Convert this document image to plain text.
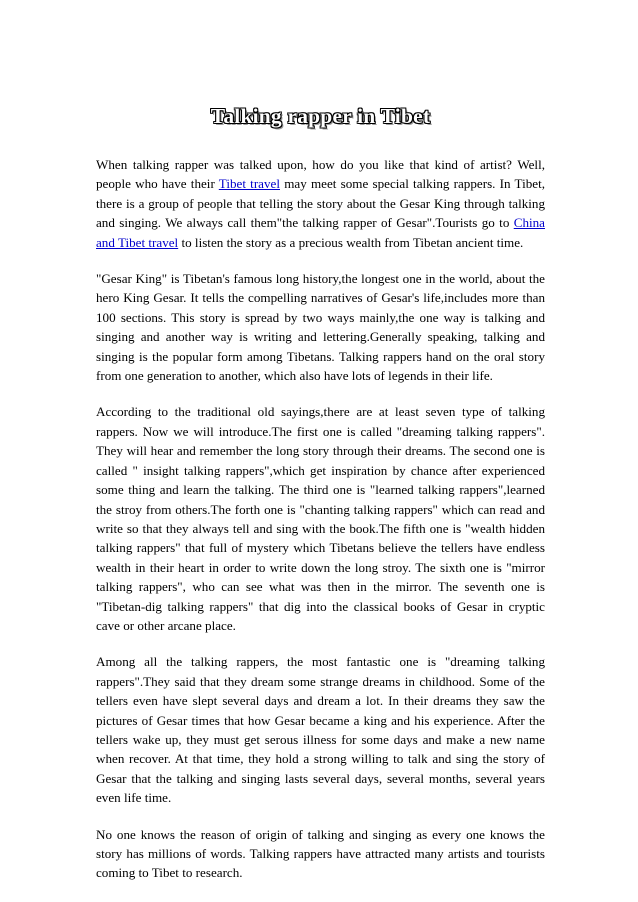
Talking rapper in Tibet

When talking rapper was talked upon, how do you like that kind of artist? Well, people who have their Tibet travel may meet some special talking rappers. In Tibet, there is a group of people that telling the story about the Gesar King through talking and singing. We always call them"the talking rapper of Gesar".Tourists go to China and Tibet travel to listen the story as a precious wealth from Tibetan ancient time.

"Gesar King" is Tibetan's famous long history,the longest one in the world, about the hero King Gesar. It tells the compelling narratives of Gesar's life,includes more than 100 sections. This story is spread by two ways mainly,the one way is talking and singing and another way is writing and lettering.Generally speaking, talking and singing is the popular form among Tibetans. Talking rappers hand on the oral story from one generation to another, which also have lots of legends in their life.

According to the traditional old sayings,there are at least seven type of talking rappers. Now we will introduce.The first one is called "dreaming talking rappers". They will hear and remember the long story through their dreams. The second one is called " insight talking rappers",which get inspiration by chance after experienced some thing and learn the talking. The third one is "learned talking rappers",learned the stroy from others.The forth one is "chanting talking rappers" which can read and write so that they always tell and sing with the book.The fifth one is "wealth hidden talking rappers" that full of mystery which Tibetans believe the tellers have endless wealth in their heart in order to write down the long stroy. The sixth one is "mirror talking rappers", who can see what was then in the mirror. The seventh one is "Tibetan-dig talking rappers" that dig into the classical books of Gesar in cryptic cave or other arcane place.

Among all the talking rappers, the most fantastic one is "dreaming talking rappers".They said that they dream some strange dreams in childhood. Some of the tellers even have slept several days and dream a lot. In their dreams they saw the pictures of Gesar times that how Gesar became a king and his experience. After the tellers wake up, they must get serous illness for some days and make a new name when recover. At that time, they hold a strong willing to talk and sing the story of Gesar that the talking and singing lasts several days, several months, several years even life time.

No one knows the reason of origin of talking and singing as every one knows the story has millions of words. Talking rappers have attracted many artists and tourists coming to Tibet to research.
